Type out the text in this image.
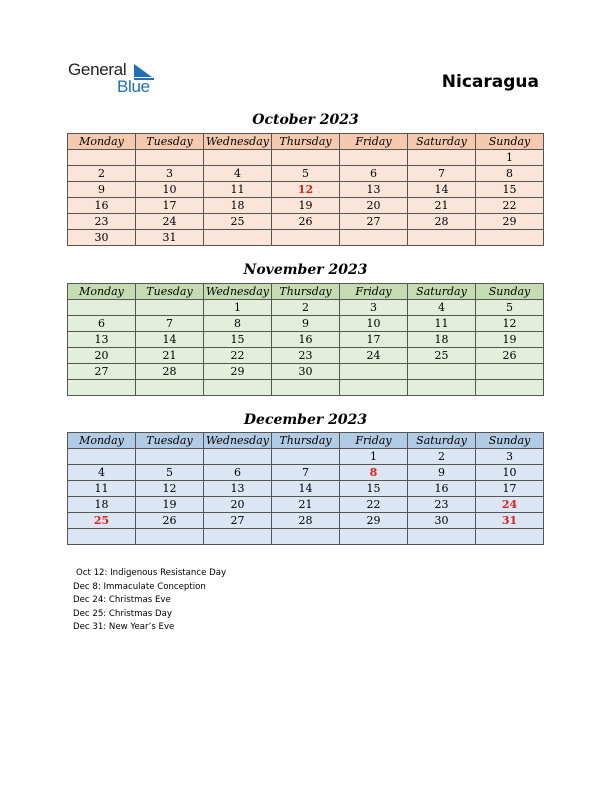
General
Blue	Nicaragua
October 2023
Monday	Tuesday	Wednesday	Thursday	Friday	Saturday	Sunday
						1
2	3	4	5	6	7	8
9	10	11	12	13	14	15
16	17	18	19	20	21	22
23	24	25	26	27	28	29
30	31					
November 2023
Monday	Tuesday	Wednesday	Thursday	Friday	Saturday	Sunday
		1	2	3	4	5
6	7	8	9	10	11	12
13	14	15	16	17	18	19
20	21	22	23	24	25	26
27	28	29	30			

December 2023
Monday	Tuesday	Wednesday	Thursday	Friday	Saturday	Sunday
				1	2	3
4	5	6	7	8	9	10
11	12	13	14	15	16	17
18	19	20	21	22	23	24
25	26	27	28	29	30	31

Oct 12: Indigenous Resistance Day
Dec 8: Immaculate Conception
Dec 24: Christmas Eve
Dec 25: Christmas Day
Dec 31: New Year’s Eve
